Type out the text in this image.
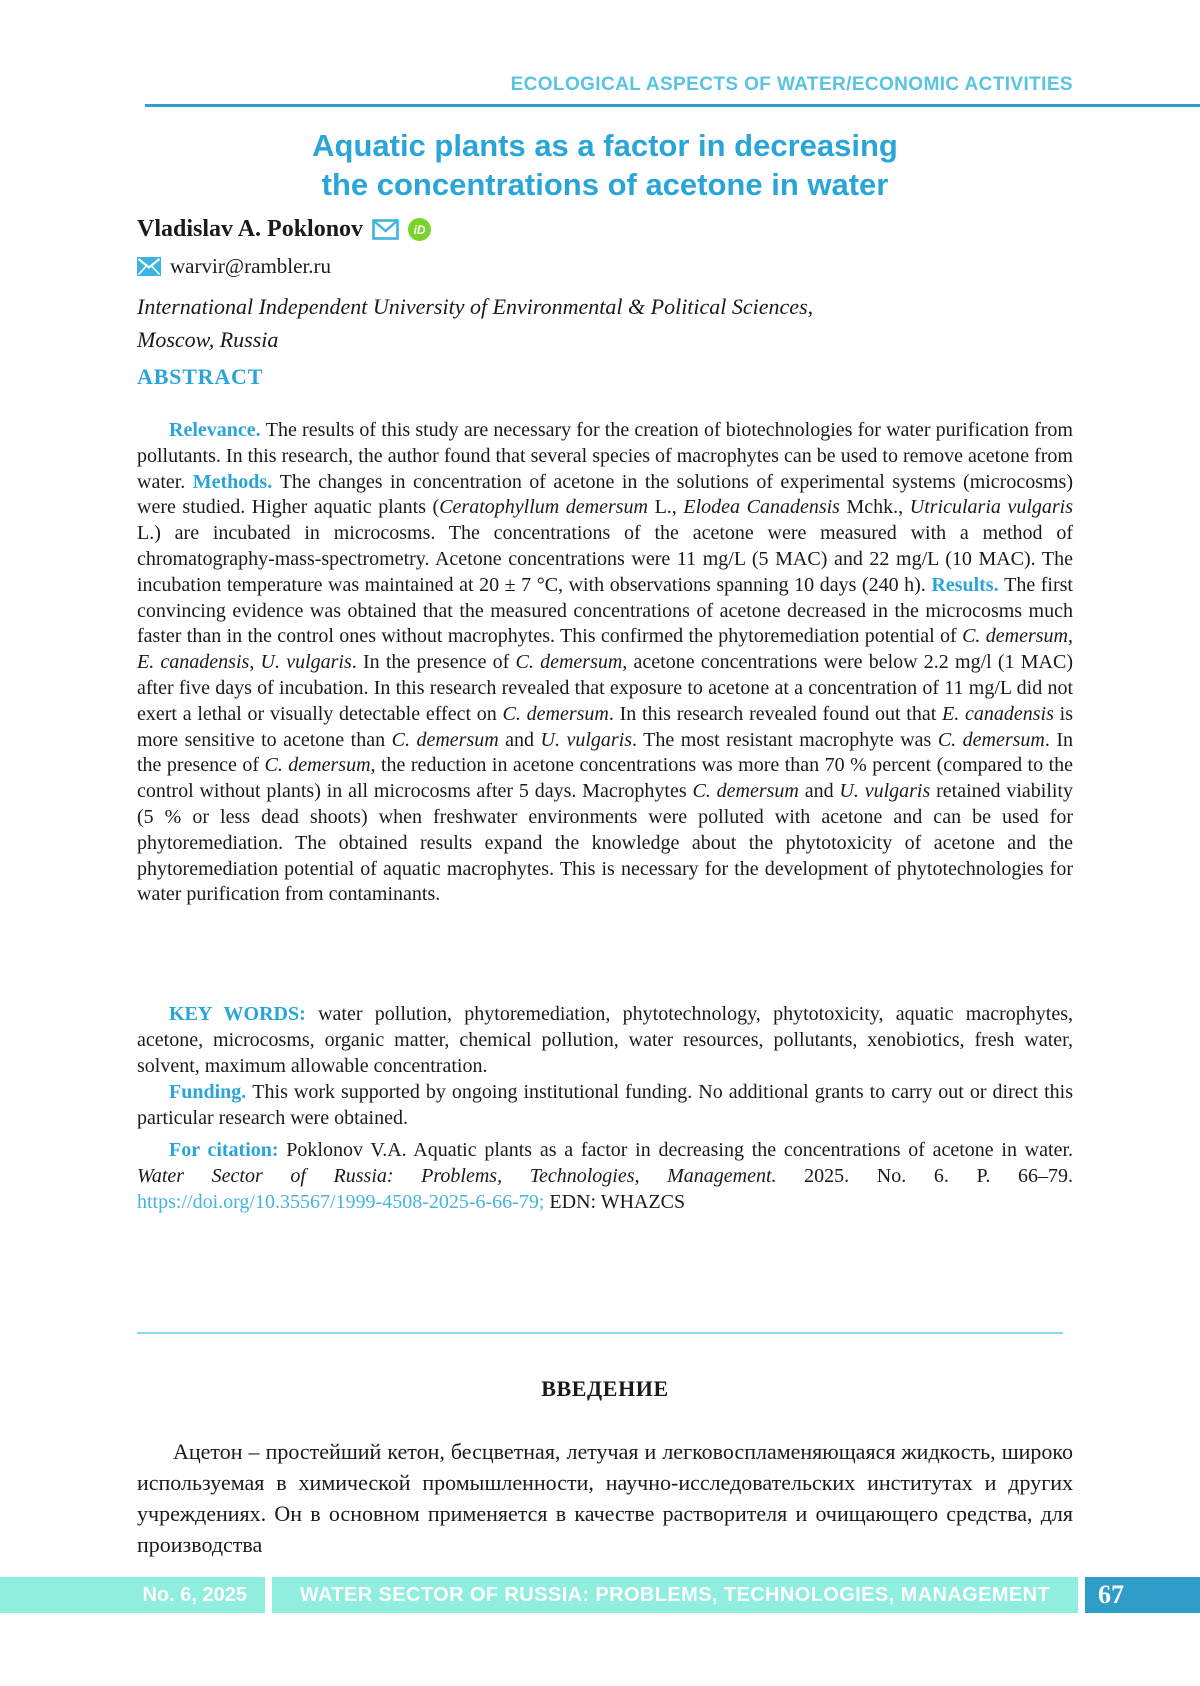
ECOLOGICAL ASPECTS OF WATER/ECONOMIC ACTIVITIES
Aquatic plants as a factor in decreasing
the concentrations of acetone in water
Vladislav A. Poklonov	iD
warvir@rambler.ru
International Independent University of Environmental & Political Sciences,
Moscow, Russia
ABSTRACT

Relevance. The results of this study are necessary for the creation of biotechnologies for water purification from pollutants. In this research, the author found that several species of macrophytes can be used to remove acetone from water. Methods. The changes in concentration of acetone in the solutions of experimental systems (microcosms) were studied. Higher aquatic plants (Ceratophyllum demersum L., Elodea Canadensis Mchk., Utricularia vulgaris L.) are incubated in microcosms. The concentrations of the acetone were measured with a method of chromatography-mass-spectrometry. Acetone concentrations were 11 mg/L (5 MAC) and 22 mg/L (10 MAC). The incubation temperature was maintained at 20 ± 7 °C, with observations spanning 10 days (240 h). Results. The first convincing evidence was obtained that the measured concentrations of acetone decreased in the microcosms much faster than in the control ones without macrophytes. This confirmed the phytoremediation potential of C. demersum, E. canadensis, U. vulgaris. In the presence of C. demersum, acetone concentrations were below 2.2 mg/l (1 MAC) after five days of incubation. In this research revealed that exposure to acetone at a concentration of 11 mg/L did not exert a lethal or visually detectable effect on C. demersum. In this research revealed found out that E. canadensis is more sensitive to acetone than C. demersum and U. vulgaris. The most resistant macrophyte was C. demersum. In the presence of C. demersum, the reduction in acetone concentrations was more than 70 % percent (compared to the control without plants) in all microcosms after 5 days. Macrophytes C. demersum and U. vulgaris retained viability (5 % or less dead shoots) when freshwater environments were polluted with acetone and can be used for phytoremediation. The obtained results expand the knowledge about the phytotoxicity of acetone and the phytoremediation potential of aquatic macrophytes. This is necessary for the development of phytotechnologies for water purification from contaminants.

KEY WORDS: water pollution, phytoremediation, phytotechnology, phytotoxicity, aquatic macrophytes, acetone, microcosms, organic matter, chemical pollution, water resources, pollutants, xenobiotics, fresh water, solvent, maximum allowable concentration.

Funding. This work supported by ongoing institutional funding. No additional grants to carry out or direct this particular research were obtained.

For citation: Poklonov V.A. Aquatic plants as a factor in decreasing the concentrations of acetone in water. Water Sector of Russia: Problems, Technologies, Management. 2025. No. 6. P. 66–79. https://doi.org/10.35567/1999-4508-2025-6-66-79; EDN: WHAZCS

ВВЕДЕНИЕ

Ацетон – простейший кетон, бесцветная, летучая и легковоспламеняющаяся жидкость, широко используемая в химической промышленности, научно-исследовательских институтах и других учреждениях. Он в основном применяется в качестве растворителя и очищающего средства, для производства

No. 6, 2025	WATER SECTOR OF RUSSIA: PROBLEMS, TECHNOLOGIES, MANAGEMENT	67
